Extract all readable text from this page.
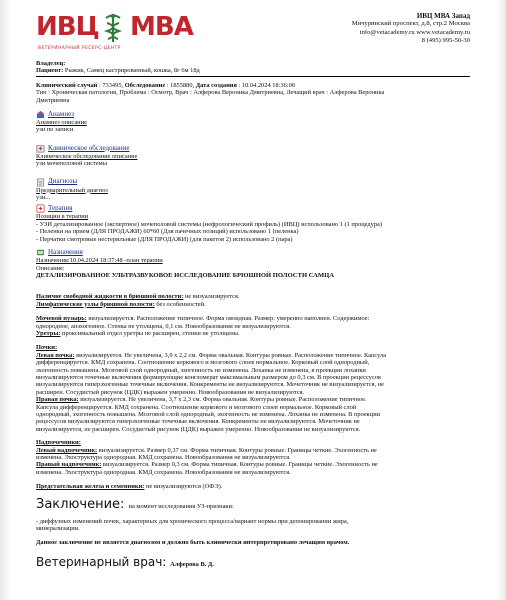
ИВЦ МВА
ВЕТЕРИНАРНЫЙ РЕСЕРС·ЦЕНТР
ИВЦ МВА Запад
Мичуринский проспект, д.8, стр.2 Москва
info@vetacademy.ru www.vetacademy.ru
8 (495) 995-50-30
Владелец:
Пациент: Рыжик, Самец кастрированный, кошка, 8г 6м 18д
Клинический случай : 733495, Обследование : 1855880, Дата создания : 10.04.2024 18:36:00
Тип : Хроническая патология, Проблема : Осмотр, Врач : Алферова Вероника Дмитриевна, Лечащий врач : Алферова Вероника
Дмитриевна
Анамнез
Анамнез описание
узи по записи
Клиническое обследование
Клиническое обследование описание
узи мочеполовой системы
Диагнозы
Предварительный диагноз
узи...
Терапия
Позиции в терапии
- УЗИ детализированное (экспертное) мочеполовой системы (нефрологический профиль) (ИВЦ) использовано 1 (1 процедура)
- Пеленки на прием (ДЛЯ ПРОДАЖИ) 60*60 (Для пачечных позиций) использовано 1 (пеленка)
- Перчатки смотровые нестерильные (ДЛЯ ПРОДАЖИ) (для пакетов 2) использовано 2 (пара)
Назначения
Назначения:10.04.2024 18:37:48 -план терапии
Описание:
ДЕТАЛИЗИРОВАННОЕ УЛЬТРАЗВУКОВОЕ ИССЛЕДОВАНИЕ БРЮШНОЙ ПОЛОСТИ САМЦА
Наличие свободной жидкости в брюшной полости: не визуализируется.
Лимфатические узлы брюшной полости: без особенностей.
Мочевой пузырь: визуализируется. Расположение типичное. Форма овоидная. Размер: умеренно наполнен. Содержимое:
однородное, анэхогенное. Стенка не утолщена, 0,1 см. Новообразования не визуализируются.
Уретры: проксимальный отдел уретры не расширен, стенки не утолщены.
Почки:
Левая почка: визуализируется. Не увеличена, 3,9 х 2,2 см. Форма овальная. Контуры ровные. Расположение типичное. Капсула
дифференцируется. КМД сохранена. Соотношение коркового и мозгового слоев нормальное. Корковый слой однородный,
эхогенность повышена. Мозговой слой однородный, эхогенность не изменена. Лоханка не изменена, в проекции лоханки
визуализируются точечные включения формирующие конгломерат максимальным размером до 0,3 см. В проекции рецессусов
визуализируются гиперэхогенные точечные включения. Конкременты не визуализируются. Мочеточник не визуализируется, не
расширен. Сосудистый рисунок (ЦДК) выражен умеренно. Новообразования не визуализируются.
Правая почка: визуализируется. Не увеличена, 3,7 х 2,3 см. Форма овальная. Контуры ровные. Расположение типичное.
Капсула дифференцируется. КМД сохранена. Соотношение коркового и мозгового слоев нормальное. Корковый слой
однородный, эхогенность повышена. Мозговой слой однородный, эхогенность не изменена. Лоханка не изменена. В проекции
рецессусов визуализируются гиперэхогенные точечные включения. Конкременты не визуализируются. Мочеточник не
визуализируется, не расширен. Сосудистый рисунок (ЦДК) выражен умеренно. Новообразования не визуализируются.
Надпочечники:
Левый надпочечник: визуализируется. Размер 0,37 см. Форма типичная. Контуры ровные. Границы четкие. Эхогенность не
изменена. Эхоструктура однородная. КМД сохранена. Новообразования не визуализируются.
Правый надпочечник: визуализируется. Размер 0,3 см. Форма типичная. Контуры ровные. Границы четкие. Эхогенность не
изменена. Эхоструктура однородная. КМД сохранена. Новообразования не визуализируются.
Предстательная железа и семенники: не визуализируются (ОФЭ).
Заключение: на момент исследования УЗ-признаки:
- диффузных изменений почек, характерных для хронического процесса/вариант нормы при депонировании жира,
минерализации.
Данное заключение не является диагнозом и должно быть клинически интерпретировано лечащим врачом.
Ветеринарный врач: Алферова В. Д.
